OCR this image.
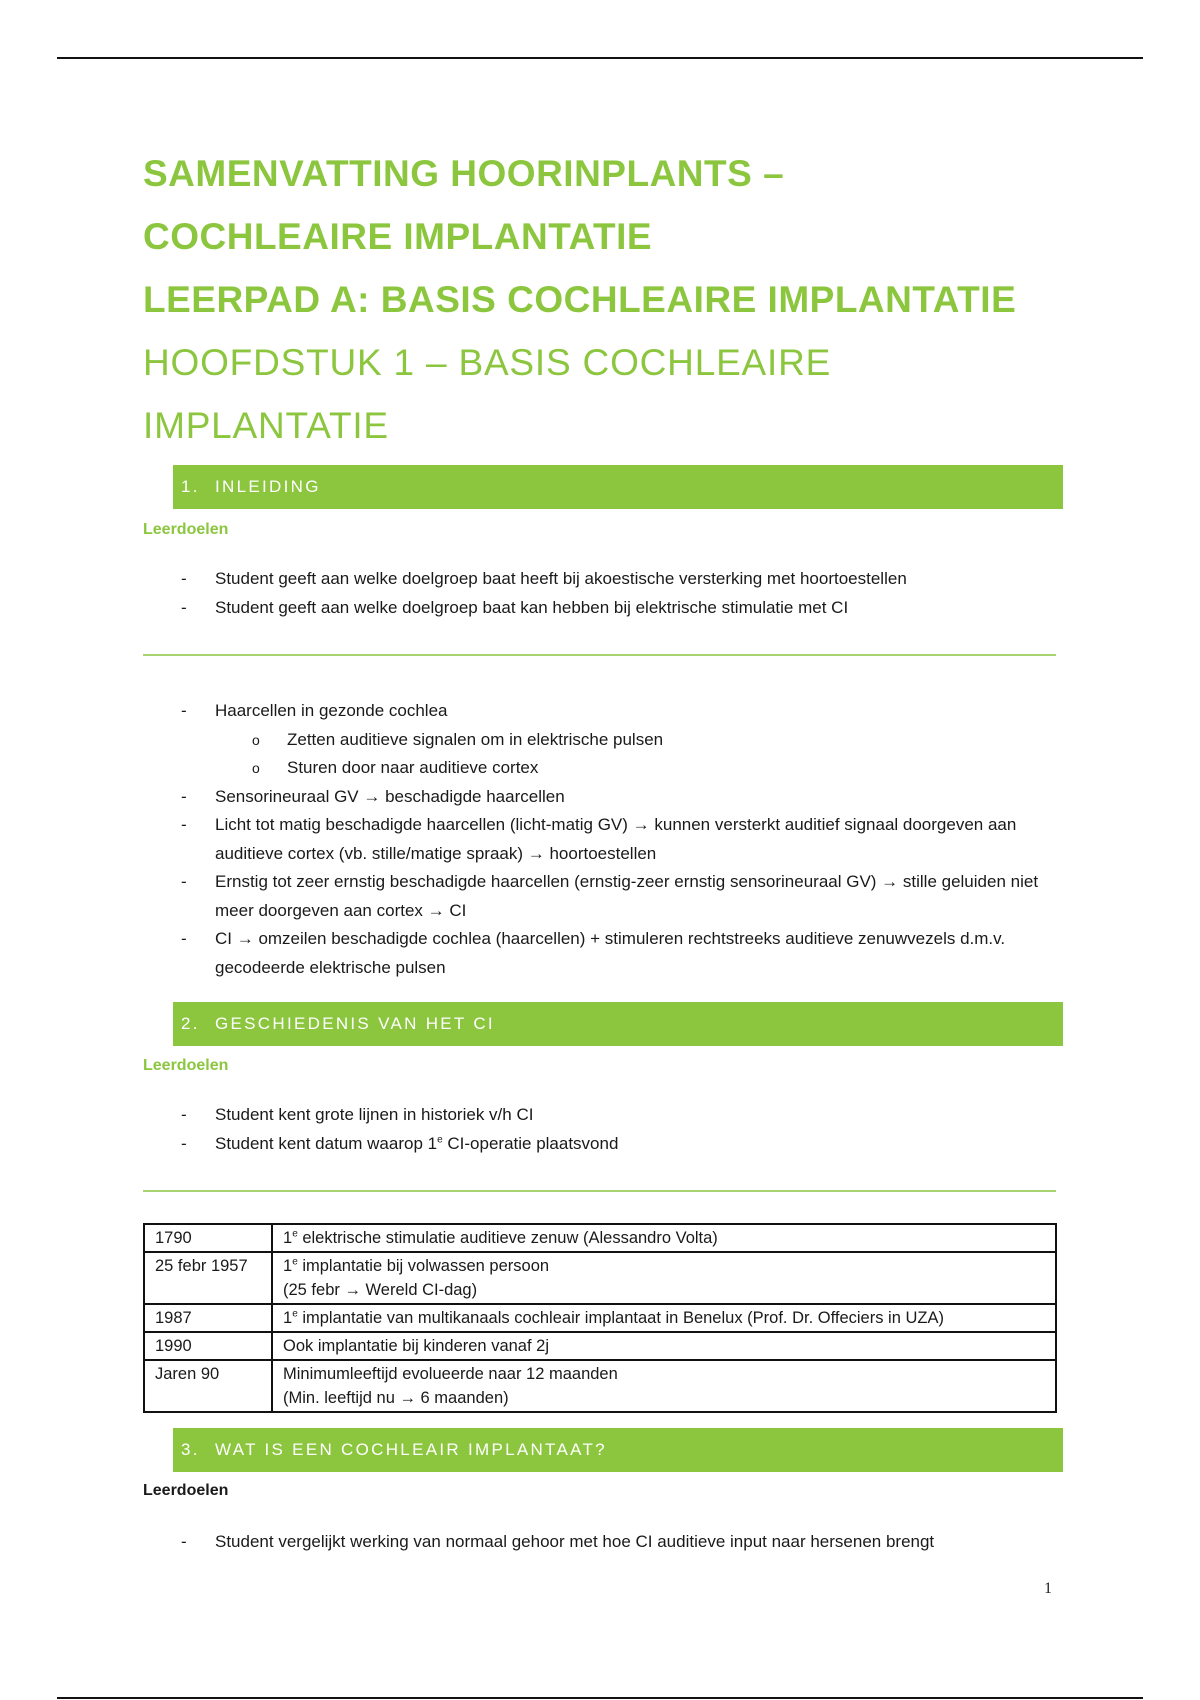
SAMENVATTING HOORINPLANTS –
COCHLEAIRE IMPLANTATIE
LEERPAD A: BASIS COCHLEAIRE IMPLANTATIE
HOOFDSTUK 1 – BASIS COCHLEAIRE
IMPLANTATIE
1. INLEIDING
Leerdoelen
- Student geeft aan welke doelgroep baat heeft bij akoestische versterking met hoortoestellen
- Student geeft aan welke doelgroep baat kan hebben bij elektrische stimulatie met CI
- Haarcellen in gezonde cochlea
o Zetten auditieve signalen om in elektrische pulsen
o Sturen door naar auditieve cortex
- Sensorineuraal GV → beschadigde haarcellen
- Licht tot matig beschadigde haarcellen (licht-matig GV) → kunnen versterkt auditief signaal doorgeven aan auditieve cortex (vb. stille/matige spraak) → hoortoestellen
- Ernstig tot zeer ernstig beschadigde haarcellen (ernstig-zeer ernstig sensorineuraal GV) → stille geluiden niet meer doorgeven aan cortex → CI
- CI → omzeilen beschadigde cochlea (haarcellen) + stimuleren rechtstreeks auditieve zenuwvezels d.m.v. gecodeerde elektrische pulsen
2. GESCHIEDENIS VAN HET CI
Leerdoelen
- Student kent grote lijnen in historiek v/h CI
- Student kent datum waarop 1e CI-operatie plaatsvond
1790	1e elektrische stimulatie auditieve zenuw (Alessandro Volta)
25 febr 1957	1e implantatie bij volwassen persoon
(25 febr → Wereld CI-dag)
1987	1e implantatie van multikanaals cochleair implantaat in Benelux (Prof. Dr. Offeciers in UZA)
1990	Ook implantatie bij kinderen vanaf 2j
Jaren 90	Minimumleeftijd evolueerde naar 12 maanden
(Min. leeftijd nu → 6 maanden)
3. WAT IS EEN COCHLEAIR IMPLANTAAT?
Leerdoelen
- Student vergelijkt werking van normaal gehoor met hoe CI auditieve input naar hersenen brengt
1
